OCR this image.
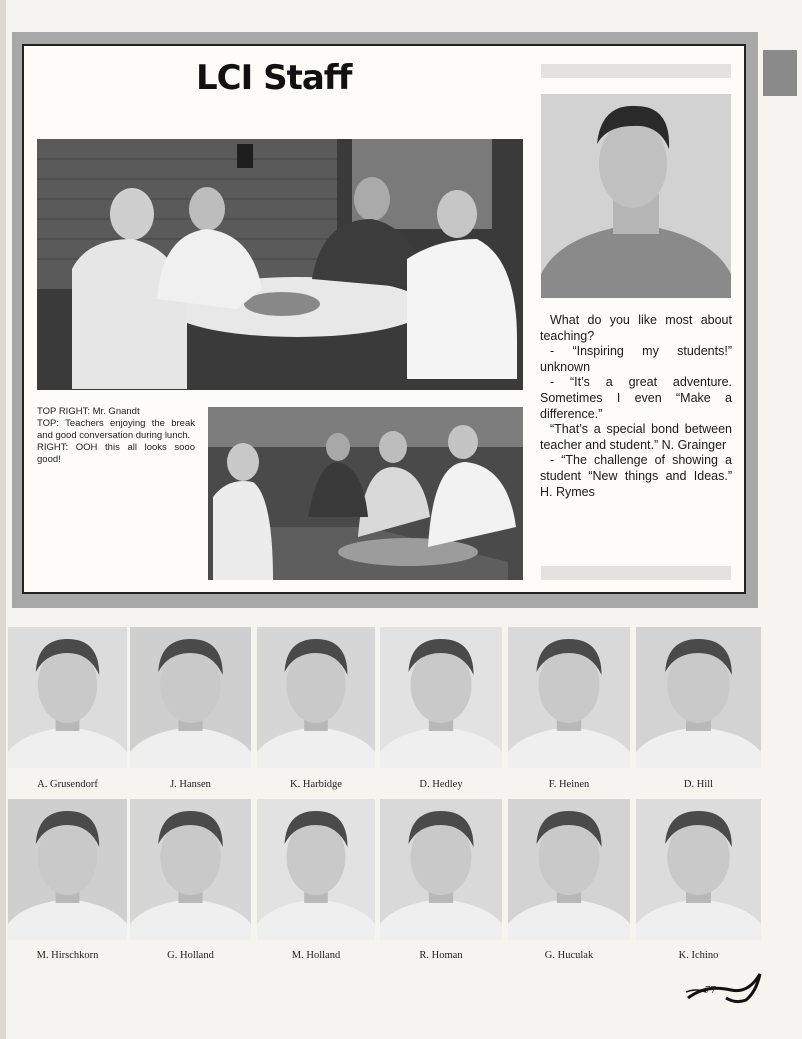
LCI Staff
TOP RIGHT: Mr. Gnandt
TOP: Teachers enjoying the break and good conversation during lunch.
RIGHT: OOH this all looks sooo good!
What do you like most about teaching?
- “Inspiring my students!” unknown
- “It’s a great adventure. Sometimes I even “Make a difference.”
“That’s a special bond between teacher and student.” N. Grainger
- “The challenge of showing a student “New things and Ideas.” H. Rymes
A. Grusendorf	J. Hansen	K. Harbidge	D. Hedley	F. Heinen	D. Hill
M. Hirschkorn	G. Holland	M. Holland	R. Homan	G. Huculak	K. Ichino
77
